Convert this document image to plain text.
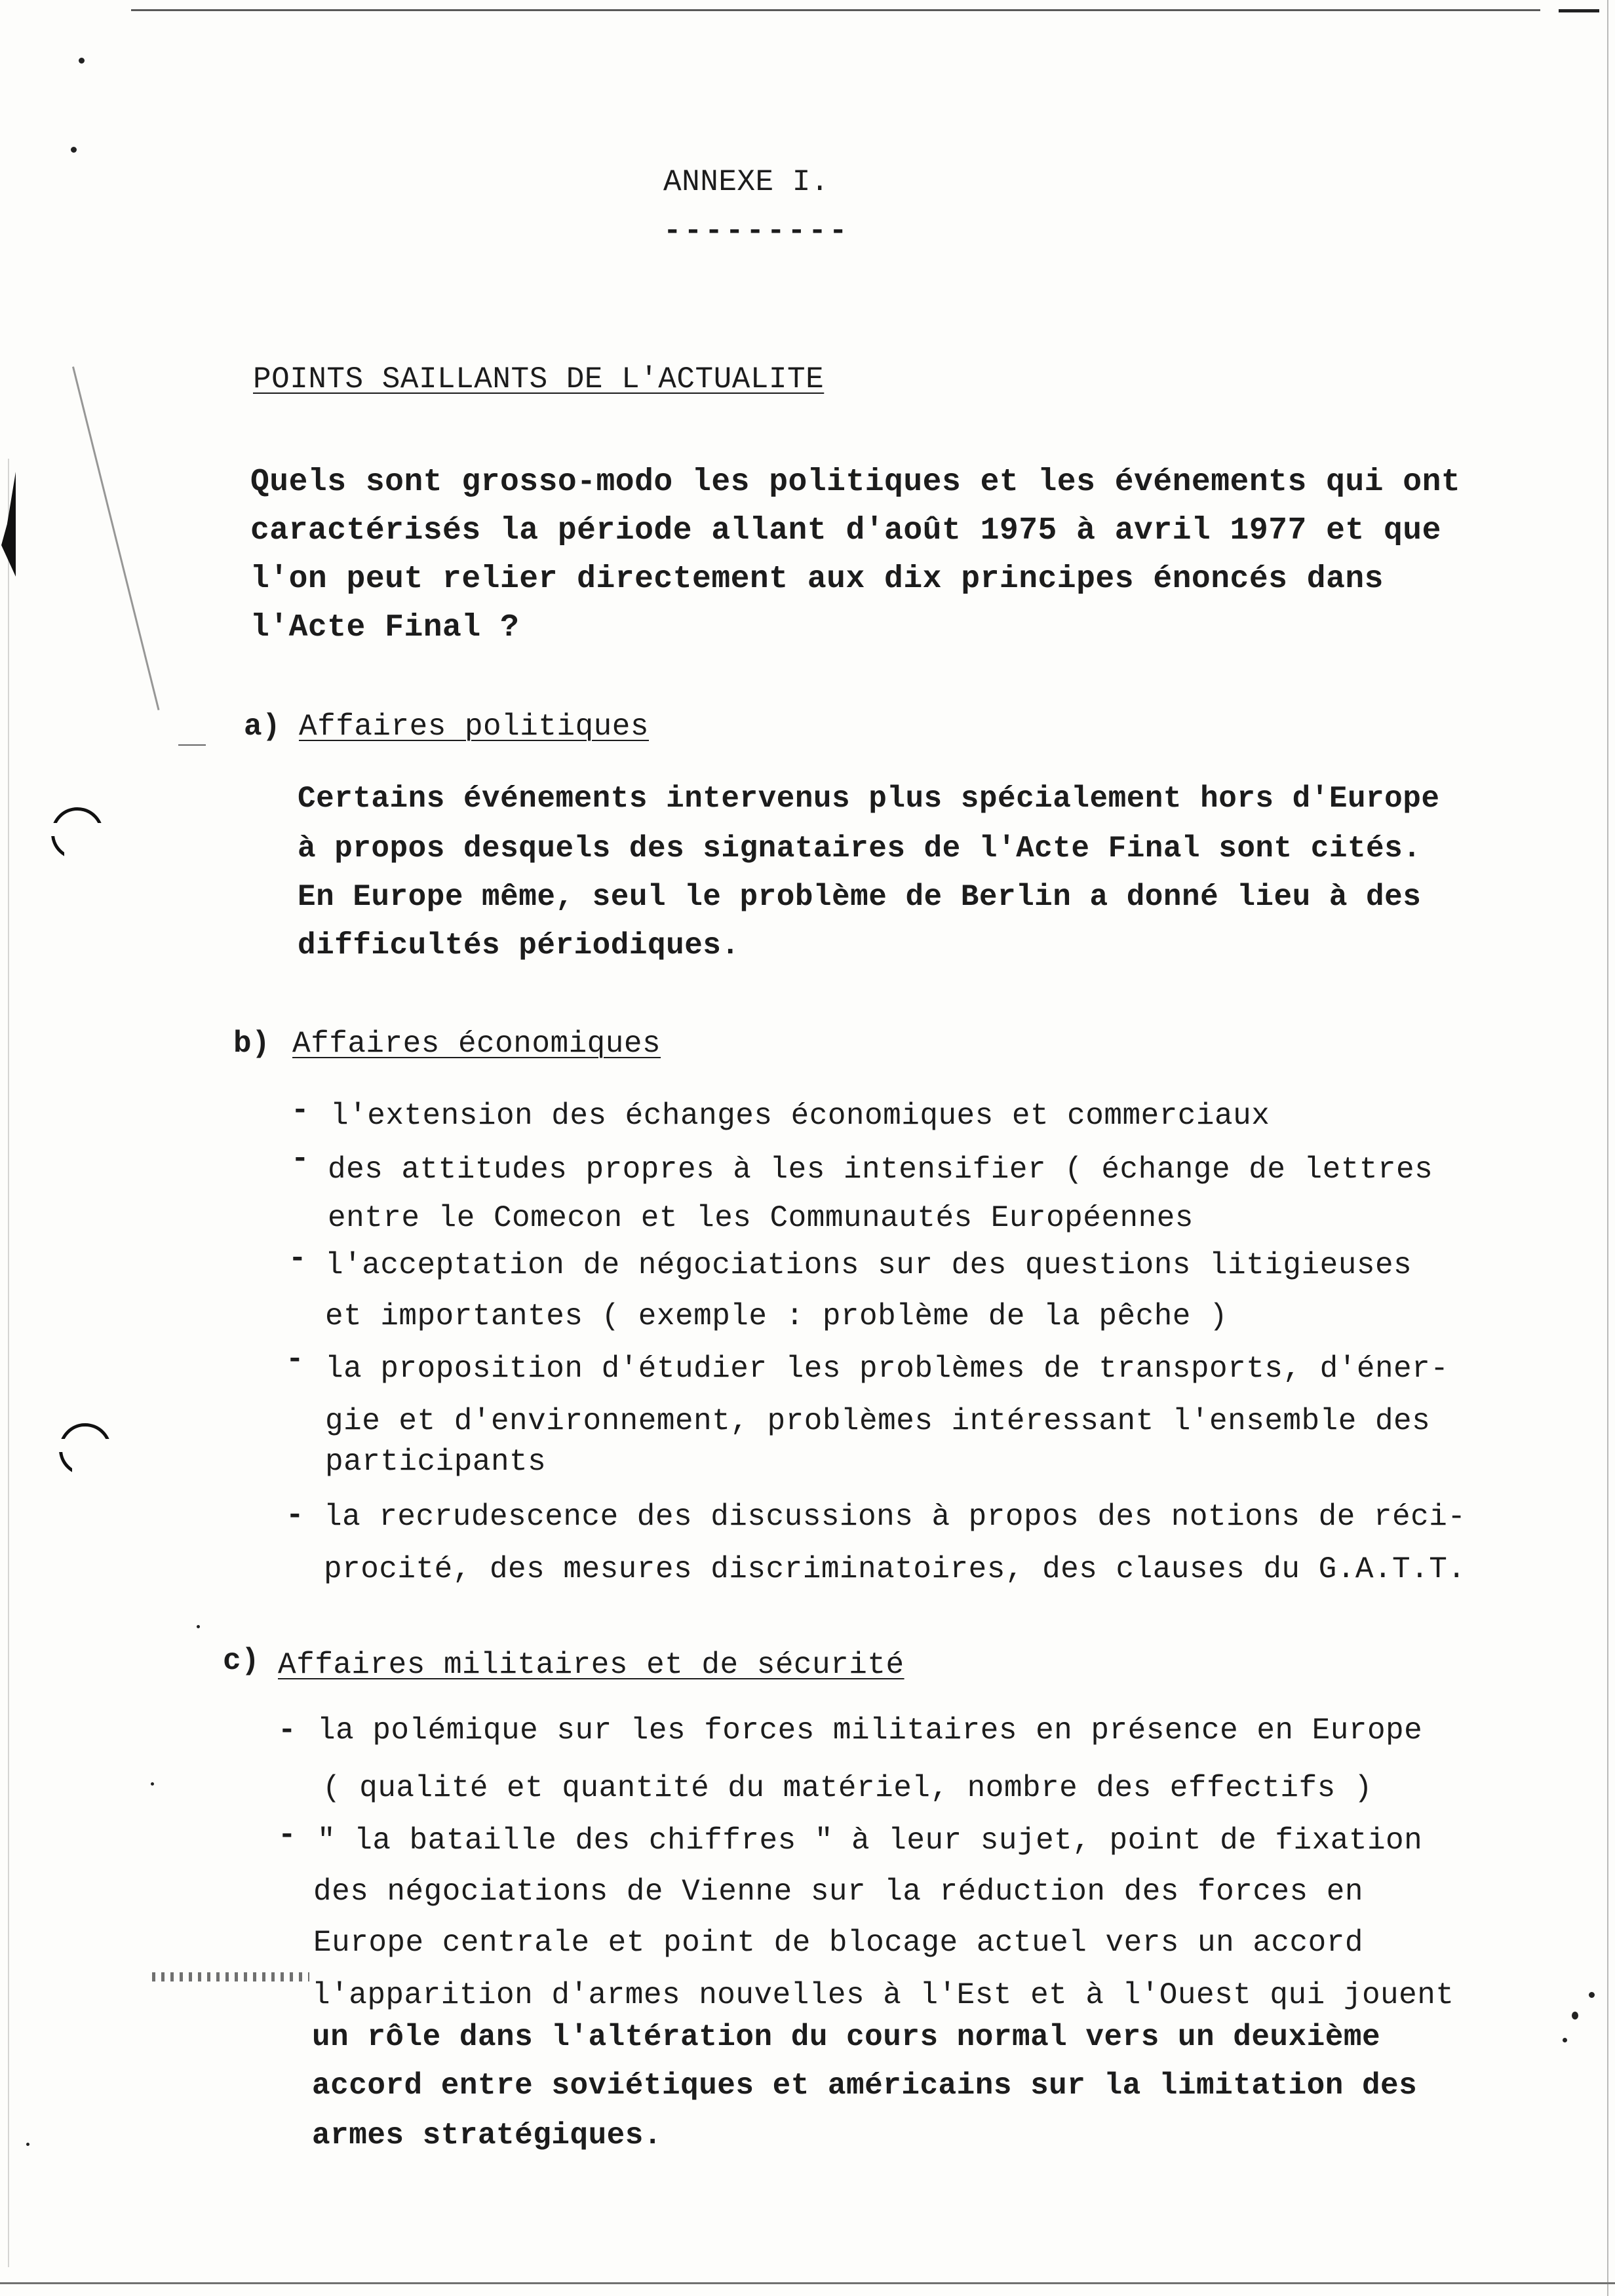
ANNEXE I.
---------
POINTS SAILLANTS DE L'ACTUALITE
Quels sont grosso-modo les politiques et les événements qui ont
caractérisés la période allant d'août 1975 à avril 1977 et que
l'on peut relier directement aux dix principes énoncés dans
l'Acte Final ?
a) Affaires politiques
Certains événements intervenus plus spécialement hors d'Europe
à propos desquels des signataires de l'Acte Final sont cités.
En Europe même, seul le problème de Berlin a donné lieu à des
difficultés périodiques.
b) Affaires économiques
- l'extension des échanges économiques et commerciaux
- des attitudes propres à les intensifier ( échange de lettres
entre le Comecon et les Communautés Européennes
- l'acceptation de négociations sur des questions litigieuses
et importantes ( exemple : problème de la pêche )
- la proposition d'étudier les problèmes de transports, d'éner-
gie et d'environnement, problèmes intéressant l'ensemble des
participants
- la recrudescence des discussions à propos des notions de réci-
procité, des mesures discriminatoires, des clauses du G.A.T.T.
c) Affaires militaires et de sécurité
- la polémique sur les forces militaires en présence en Europe
( qualité et quantité du matériel, nombre des effectifs )
- " la bataille des chiffres " à leur sujet, point de fixation
des négociations de Vienne sur la réduction des forces en
Europe centrale et point de blocage actuel vers un accord
l'apparition d'armes nouvelles à l'Est et à l'Ouest qui jouent
un rôle dans l'altération du cours normal vers un deuxième
accord entre soviétiques et américains sur la limitation des
armes stratégiques.
